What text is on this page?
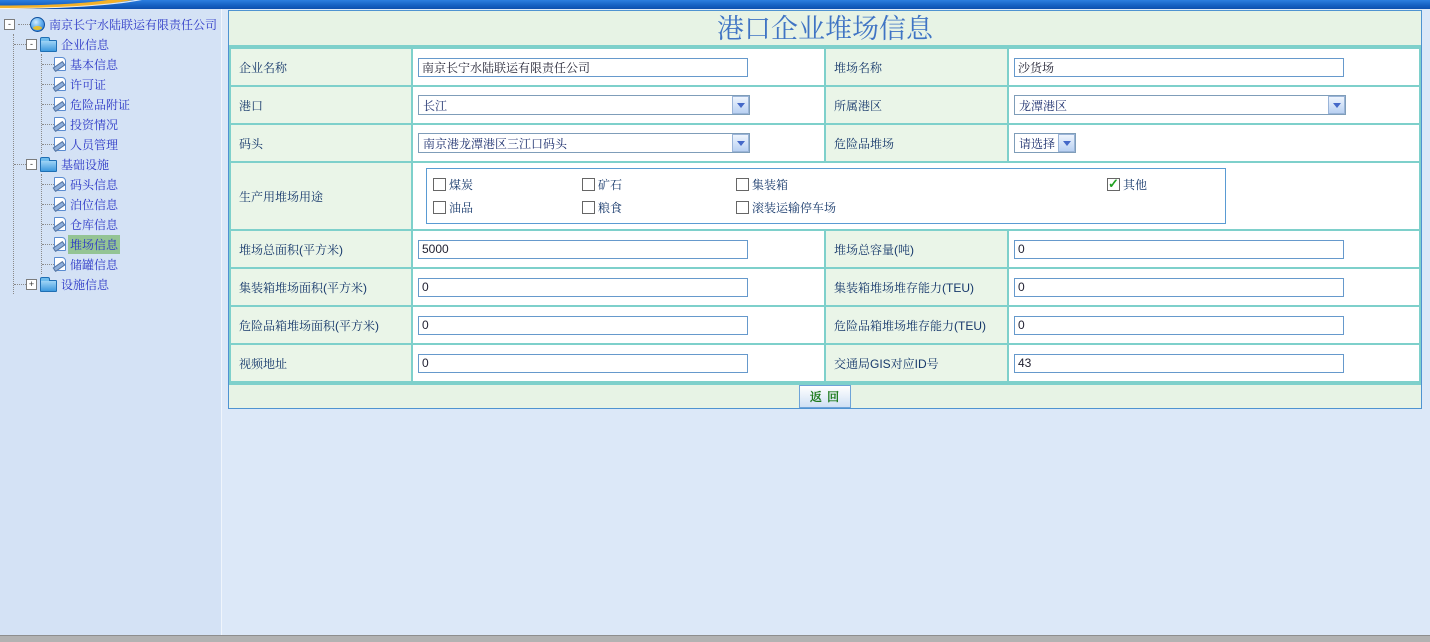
-	南京长宁水陆联运有限责任公司
-	企业信息
基本信息
许可证
危险品附证
投资情况
人员管理
-	基础设施
码头信息
泊位信息
仓库信息
堆场信息
储罐信息
+ 设施信息
港口企业堆场信息
企业名称	南京长宁水陆联运有限责任公司	堆场名称	沙货场
港口	长江	所属港区	龙潭港区

码头	南京港龙潭港区三江口码头	危险品堆场	请选择

生产用堆场用途	
煤炭	矿石	集装箱 ✓	其他
油品	粮食	滚装运输停车场

堆场总面积(平方米)	5000	堆场总容量(吨)	0
集装箱堆场面积(平方米)	0	集装箱堆场堆存能力(TEU)	0
危险品箱堆场面积(平方米)	0	危险品箱堆场堆存能力(TEU)	0
视频地址	0	交通局GIS对应ID号	43
返 回
